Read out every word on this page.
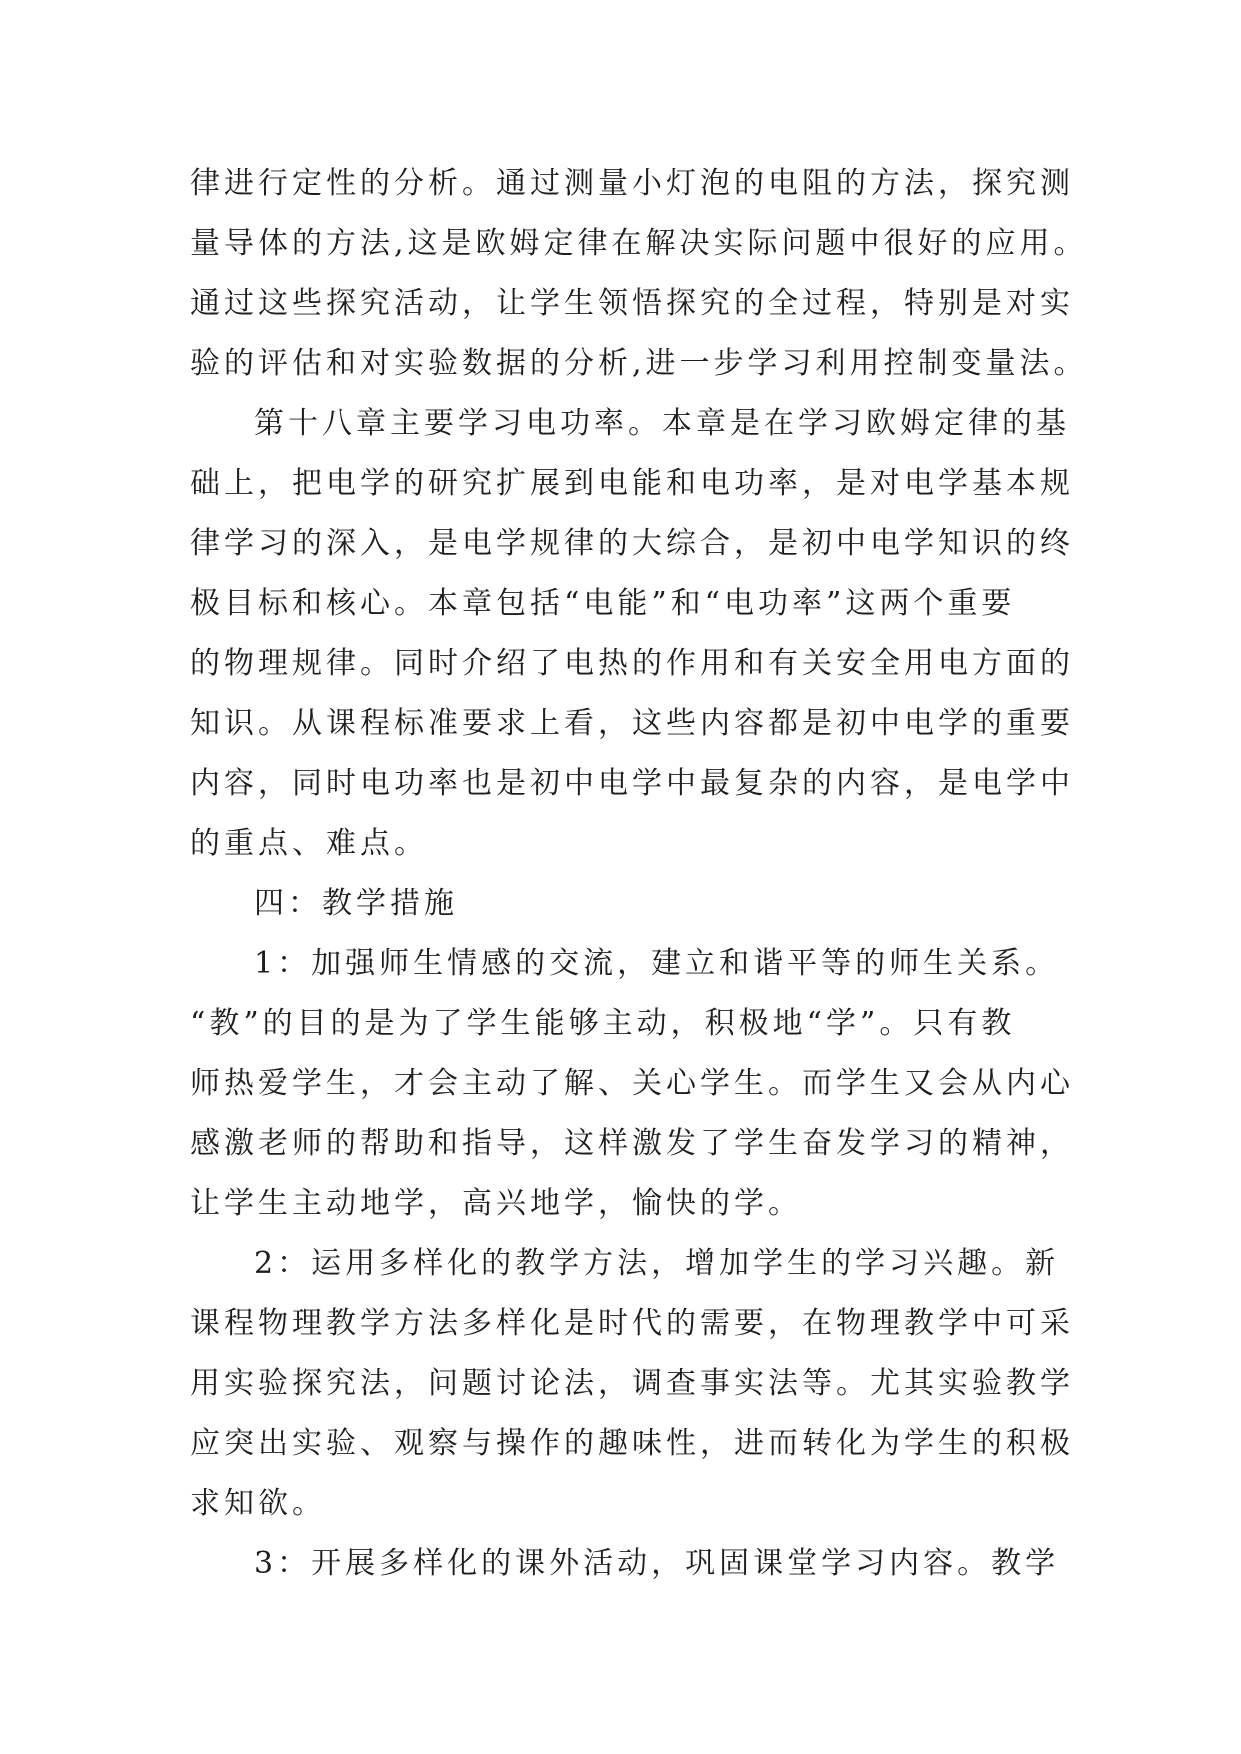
律进行定性的分析。通过测量小灯泡的电阻的方法，探究测
量导体的方法,这是欧姆定律在解决实际问题中很好的应用。
通过这些探究活动，让学生领悟探究的全过程，特别是对实
验的评估和对实验数据的分析,进一步学习利用控制变量法。
第十八章主要学习电功率。本章是在学习欧姆定律的基
础上，把电学的研究扩展到电能和电功率，是对电学基本规
律学习的深入，是电学规律的大综合，是初中电学知识的终
极目标和核心。本章包括“电能”和“电功率”这两个重要
的物理规律。同时介绍了电热的作用和有关安全用电方面的
知识。从课程标准要求上看，这些内容都是初中电学的重要
内容，同时电功率也是初中电学中最复杂的内容，是电学中
的重点、难点。
四：教学措施
1：加强师生情感的交流，建立和谐平等的师生关系。
“教”的目的是为了学生能够主动，积极地“学”。只有教
师热爱学生，才会主动了解、关心学生。而学生又会从内心
感激老师的帮助和指导，这样激发了学生奋发学习的精神，
让学生主动地学，高兴地学，愉快的学。
2：运用多样化的教学方法，增加学生的学习兴趣。新
课程物理教学方法多样化是时代的需要，在物理教学中可采
用实验探究法，问题讨论法，调查事实法等。尤其实验教学
应突出实验、观察与操作的趣味性，进而转化为学生的积极
求知欲。
3：开展多样化的课外活动，巩固课堂学习内容。教学
